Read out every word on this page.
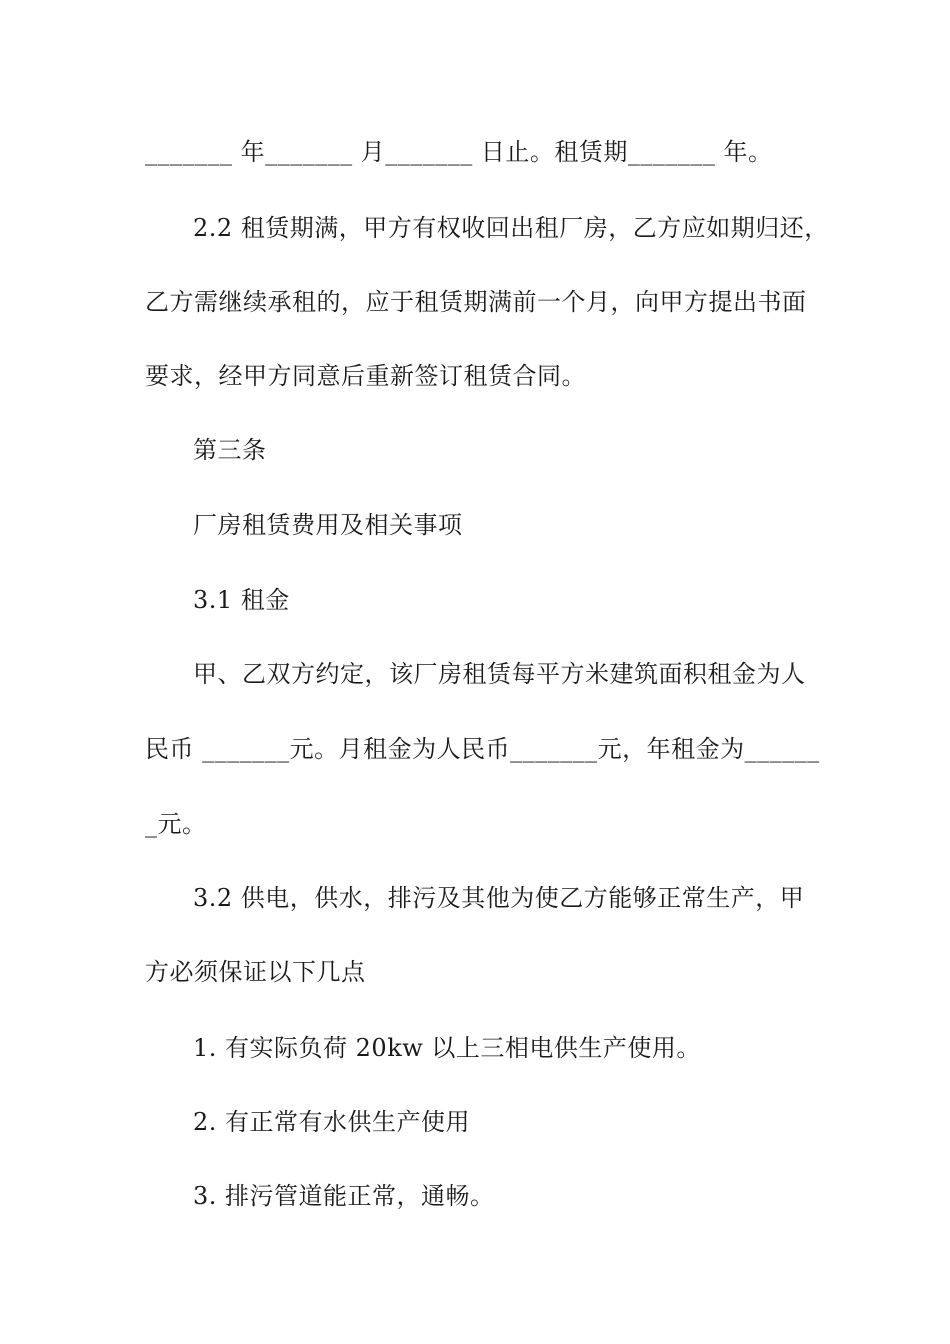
_______ 年_______ 月_______ 日止。租赁期_______ 年。
2.2 租赁期满，甲方有权收回出租厂房，乙方应如期归还，
乙方需继续承租的，应于租赁期满前一个月，向甲方提出书面
要求，经甲方同意后重新签订租赁合同。
第三条
厂房租赁费用及相关事项
3.1 租金
甲、乙双方约定，该厂房租赁每平方米建筑面积租金为人
民币 _______元。月租金为人民币_______元，年租金为______
_元。
3.2 供电，供水，排污及其他为使乙方能够正常生产，甲
方必须保证以下几点
1. 有实际负荷 20kw 以上三相电供生产使用。
2. 有正常有水供生产使用
3. 排污管道能正常，通畅。
